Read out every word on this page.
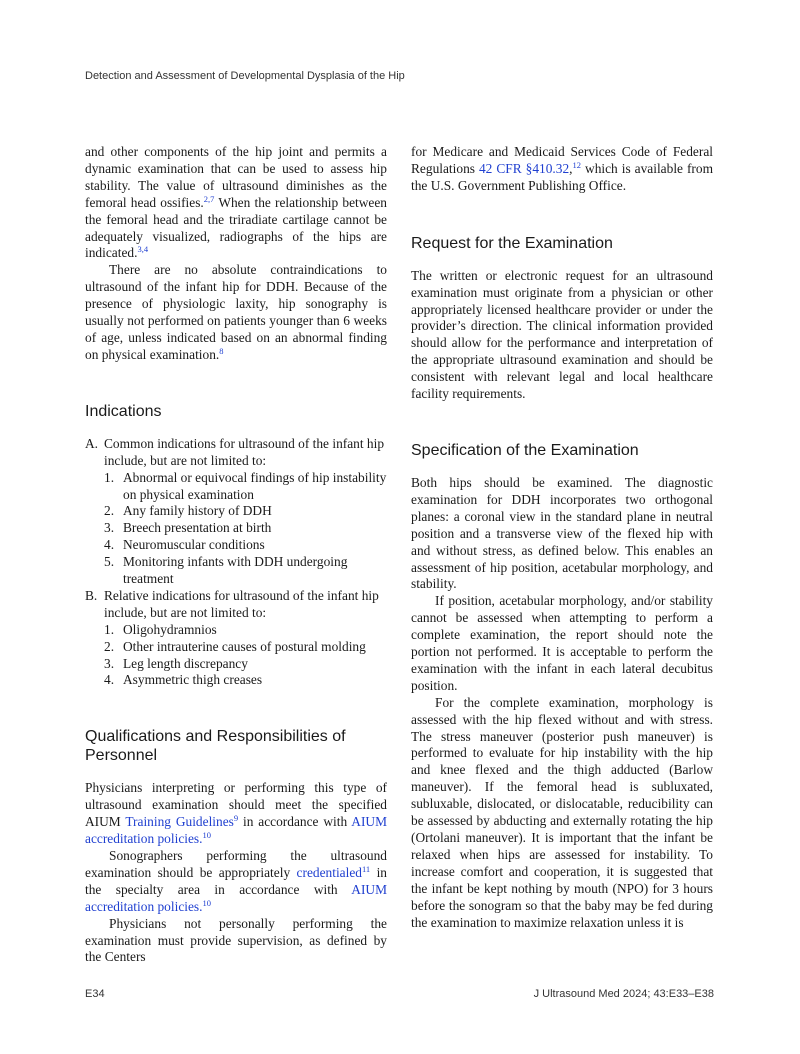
Detection and Assessment of Developmental Dysplasia of the Hip

and other components of the hip joint and permits a dynamic examination that can be used to assess hip stability. The value of ultrasound diminishes as the femoral head ossifies.$^{2,7}$ When the relationship between the femoral head and the triradiate cartilage cannot be adequately visualized, radiographs of the hips are indicated.$^{3,4}$

There are no absolute contraindications to ultrasound of the infant hip for DDH. Because of the presence of physiologic laxity, hip sonography is usually not performed on patients younger than 6 weeks of age, unless indicated based on an abnormal finding on physical examination.$^8$

Indications
A. Common indications for ultrasound of the infant hip include, but are not limited to:
1. Abnormal or equivocal findings of hip instability on physical examination
2. Any family history of DDH
3. Breech presentation at birth
4. Neuromuscular conditions
5. Monitoring infants with DDH undergoing treatment
B. Relative indications for ultrasound of the infant hip include, but are not limited to:
1. Oligohydramnios
2. Other intrauterine causes of postural molding
3. Leg length discrepancy
4. Asymmetric thigh creases
Qualifications and Responsibilities of Personnel

Physicians interpreting or performing this type of ultrasound examination should meet the specified AIUM Training Guidelines$^9$ in accordance with AIUM accreditation policies.$^{10}$

Sonographers performing the ultrasound examination should be appropriately credentialed$^{11}$ in the specialty area in accordance with AIUM accreditation policies.$^{10}$

Physicians not personally performing the examination must provide supervision, as defined by the Centers

for Medicare and Medicaid Services Code of Federal Regulations 42 CFR §410.32,12 which is available from the U.S. Government Publishing Office.

Request for the Examination

The written or electronic request for an ultrasound examination must originate from a physician or other appropriately licensed healthcare provider or under the provider’s direction. The clinical information provided should allow for the performance and interpretation of the appropriate ultrasound examination and should be consistent with relevant legal and local healthcare facility requirements.

Specification of the Examination

Both hips should be examined. The diagnostic examination for DDH incorporates two orthogonal planes: a coronal view in the standard plane in neutral position and a transverse view of the flexed hip with and without stress, as defined below. This enables an assessment of hip position, acetabular morphology, and stability.

If position, acetabular morphology, and/or stability cannot be assessed when attempting to perform a complete examination, the report should note the portion not performed. It is acceptable to perform the examination with the infant in each lateral decubitus position.

For the complete examination, morphology is assessed with the hip flexed without and with stress. The stress maneuver (posterior push maneuver) is performed to evaluate for hip instability with the hip and knee flexed and the thigh adducted (Barlow maneuver). If the femoral head is subluxated, subluxable, dislocated, or dislocatable, reducibility can be assessed by abducting and externally rotating the hip (Ortolani maneuver). It is important that the infant be relaxed when hips are assessed for instability. To increase comfort and cooperation, it is suggested that the infant be kept nothing by mouth (NPO) for 3 hours before the sonogram so that the baby may be fed during the examination to maximize relaxation unless it is

E34	J Ultrasound Med 2024; 43:E33–E38
